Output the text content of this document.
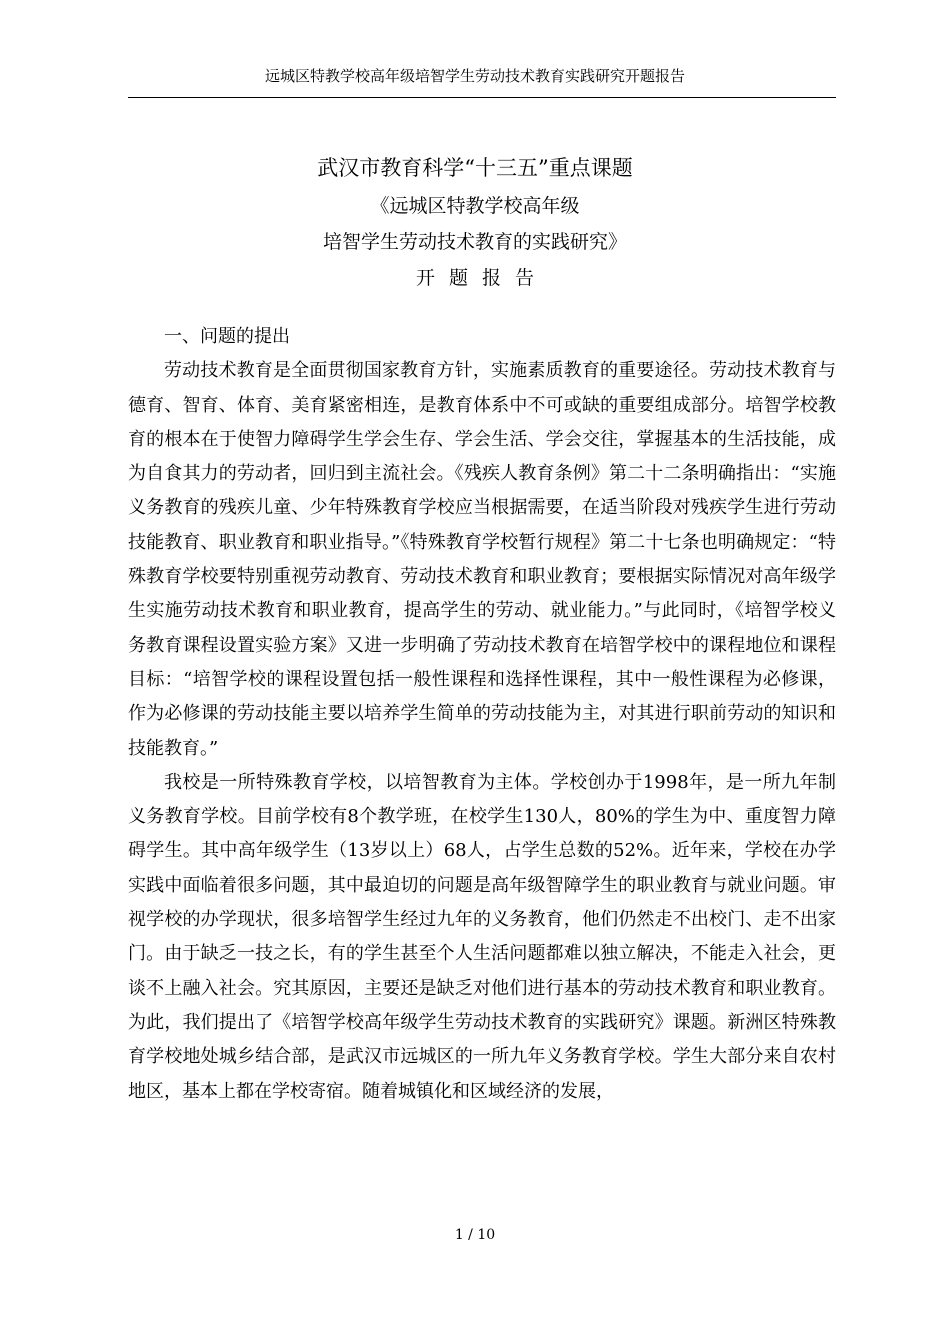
远城区特教学校高年级培智学生劳动技术教育实践研究开题报告

武汉市教育科学“十三五”重点课题

《远城区特教学校高年级

培智学生劳动技术教育的实践研究》

开题报告

一、问题的提出

劳动技术教育是全面贯彻国家教育方针，实施素质教育的重要途径。劳动技术教育与德育、智育、体育、美育紧密相连，是教育体系中不可或缺的重要组成部分。培智学校教育的根本在于使智力障碍学生学会生存、学会生活、学会交往，掌握基本的生活技能，成为自食其力的劳动者，回归到主流社会。《残疾人教育条例》第二十二条明确指出：“实施义务教育的残疾儿童、少年特殊教育学校应当根据需要，在适当阶段对残疾学生进行劳动技能教育、职业教育和职业指导。”《特殊教育学校暂行规程》第二十七条也明确规定：“特殊教育学校要特别重视劳动教育、劳动技术教育和职业教育；要根据实际情况对高年级学生实施劳动技术教育和职业教育，提高学生的劳动、就业能力。”与此同时，《培智学校义务教育课程设置实验方案》又进一步明确了劳动技术教育在培智学校中的课程地位和课程目标：“培智学校的课程设置包括一般性课程和选择性课程，其中一般性课程为必修课，作为必修课的劳动技能主要以培养学生简单的劳动技能为主，对其进行职前劳动的知识和技能教育。”

我校是一所特殊教育学校，以培智教育为主体。学校创办于1998年，是一所九年制义务教育学校。目前学校有8个教学班，在校学生130人，80%的学生为中、重度智力障碍学生。其中高年级学生（13岁以上）68人，占学生总数的52%。近年来，学校在办学实践中面临着很多问题，其中最迫切的问题是高年级智障学生的职业教育与就业问题。审视学校的办学现状，很多培智学生经过九年的义务教育，他们仍然走不出校门、走不出家门。由于缺乏一技之长，有的学生甚至个人生活问题都难以独立解决，不能走入社会，更谈不上融入社会。究其原因，主要还是缺乏对他们进行基本的劳动技术教育和职业教育。为此，我们提出了《培智学校高年级学生劳动技术教育的实践研究》课题。新洲区特殊教育学校地处城乡结合部，是武汉市远城区的一所九年义务教育学校。学生大部分来自农村地区，基本上都在学校寄宿。随着城镇化和区域经济的发展，

1 / 10
